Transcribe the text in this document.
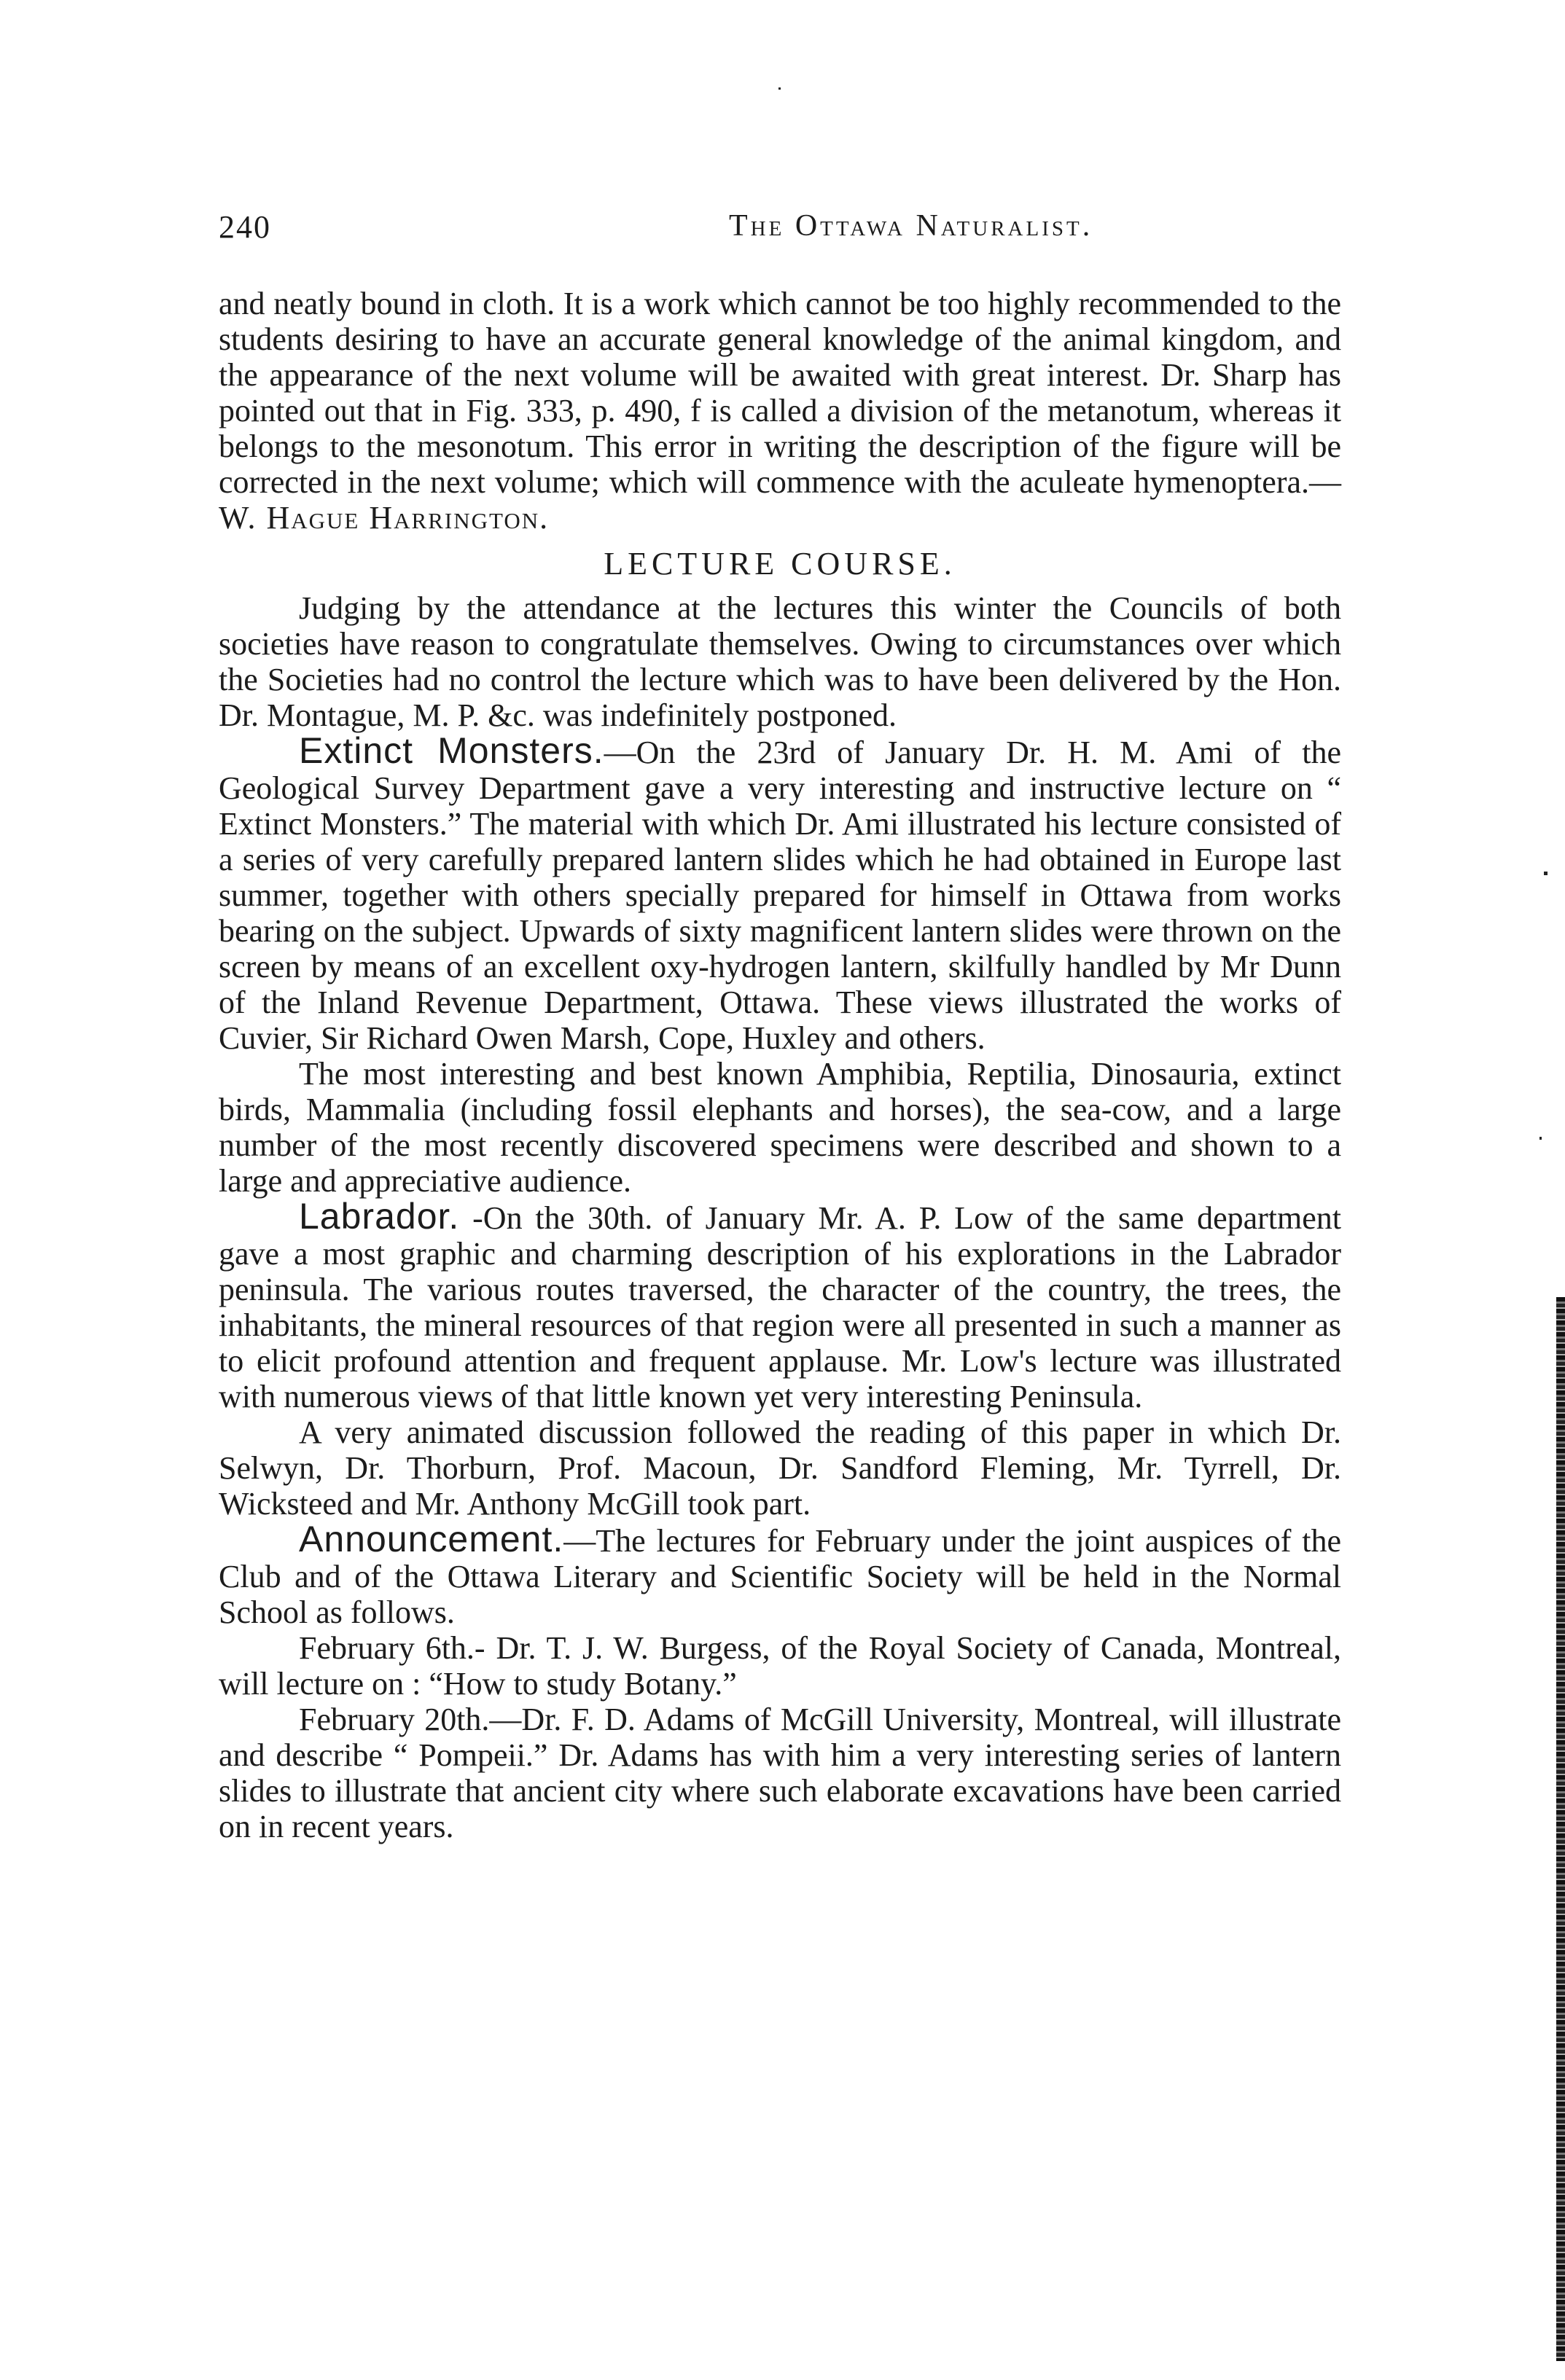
240	The Ottawa Naturalist.

and neatly bound in cloth. It is a work which cannot be too highly recommended to the students desiring to have an accurate general knowledge of the animal kingdom, and the appearance of the next volume will be awaited with great interest. Dr. Sharp has pointed out that in Fig. 333, p. 490, f is called a division of the metanotum, whereas it belongs to the mesonotum. This error in writing the description of the figure will be corrected in the next volume; which will commence with the aculeate hymenoptera.—W. Hague Harrington.

LECTURE COURSE.

Judging by the attendance at the lectures this winter the Councils of both societies have reason to congratulate themselves. Owing to circumstances over which the Societies had no control the lecture which was to have been delivered by the Hon. Dr. Montague, M. P. &c. was indefinitely postponed.

Extinct Monsters.—On the 23rd of January Dr. H. M. Ami of the Geological Survey Department gave a very interesting and instructive lecture on “ Extinct Monsters.” The material with which Dr. Ami illustrated his lecture consisted of a series of very carefully prepared lantern slides which he had obtained in Europe last summer, together with others specially prepared for himself in Ottawa from works bearing on the subject. Upwards of sixty magnificent lantern slides were thrown on the screen by means of an excellent oxy-hydrogen lantern, skilfully handled by Mr Dunn of the Inland Revenue Department, Ottawa. These views illustrated the works of Cuvier, Sir Richard Owen Marsh, Cope, Huxley and others.

The most interesting and best known Amphibia, Reptilia, Dinosauria, extinct birds, Mammalia (including fossil elephants and horses), the sea-cow, and a large number of the most recently discovered specimens were described and shown to a large and appreciative audience.

Labrador. -On the 30th. of January Mr. A. P. Low of the same department gave a most graphic and charming description of his explorations in the Labrador peninsula. The various routes traversed, the character of the country, the trees, the inhabitants, the mineral resources of that region were all presented in such a manner as to elicit profound attention and frequent applause. Mr. Low's lecture was illustrated with numerous views of that little known yet very interesting Peninsula.

A very animated discussion followed the reading of this paper in which Dr. Selwyn, Dr. Thorburn, Prof. Macoun, Dr. Sandford Fleming, Mr. Tyrrell, Dr. Wicksteed and Mr. Anthony McGill took part.

Announcement.—The lectures for February under the joint auspices of the Club and of the Ottawa Literary and Scientific Society will be held in the Normal School as follows.

February 6th.- Dr. T. J. W. Burgess, of the Royal Society of Canada, Montreal, will lecture on : “How to study Botany.”

February 20th.—Dr. F. D. Adams of McGill University, Montreal, will illustrate and describe “ Pompeii.” Dr. Adams has with him a very interesting series of lantern slides to illustrate that ancient city where such elaborate excavations have been carried on in recent years.
